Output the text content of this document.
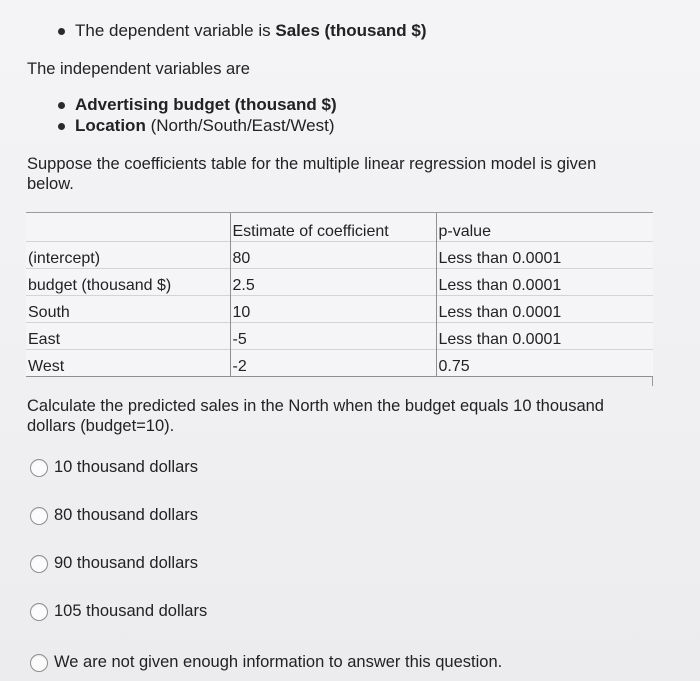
The dependent variable is Sales (thousand $)
The independent variables are
Advertising budget (thousand $)
Location (North/South/East/West)
Suppose the coefficients table for the multiple linear regression model is given below.
	Estimate of coefficient	p-value
(intercept)	80	Less than 0.0001
budget (thousand $)	2.5	Less than 0.0001
South	10	Less than 0.0001
East	-5	Less than 0.0001
West	-2	0.75
Calculate the predicted sales in the North when the budget equals 10 thousand dollars (budget=10).
10 thousand dollars
80 thousand dollars
90 thousand dollars
105 thousand dollars
We are not given enough information to answer this question.
